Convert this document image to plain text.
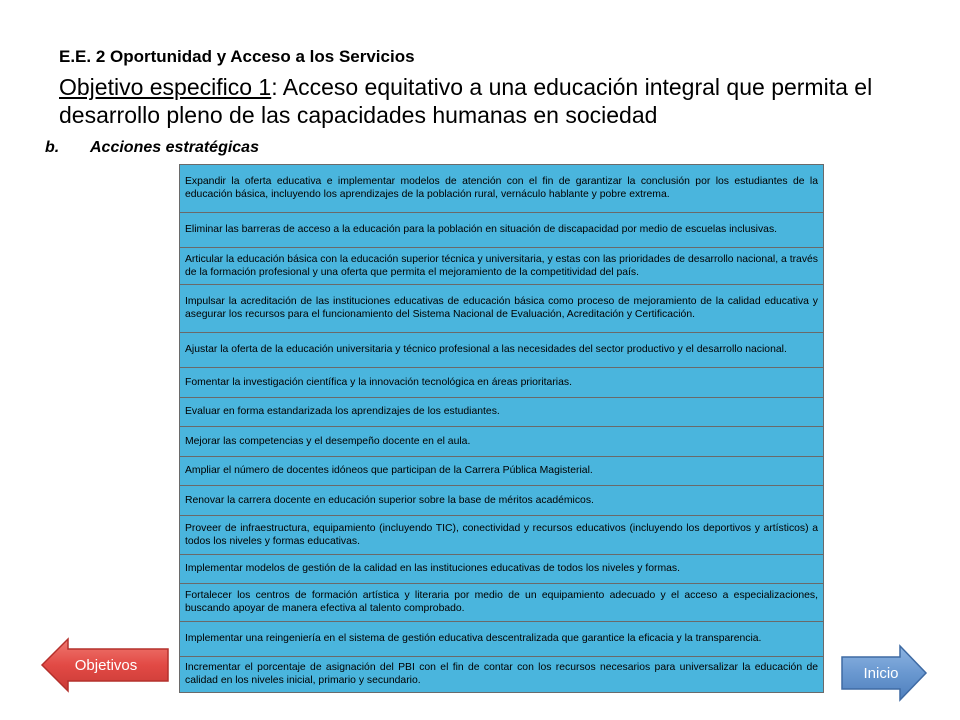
E.E. 2 Oportunidad y Acceso a los Servicios
Objetivo especifico 1: Acceso equitativo a una educación integral que permita el desarrollo pleno de las capacidades humanas en sociedad
b. Acciones estratégicas
Expandir la oferta educativa e implementar modelos de atención con el fin de garantizar la conclusión por los estudiantes de la educación básica, incluyendo los aprendizajes de la población rural, vernáculo hablante y pobre extrema.
Eliminar las barreras de acceso a la educación para la población en situación de discapacidad por medio de escuelas inclusivas.
Articular la educación básica con la educación superior técnica y universitaria, y estas con las prioridades de desarrollo nacional, a través de la formación profesional y una oferta que permita el mejoramiento de la competitividad del país.
Impulsar la acreditación de las instituciones educativas de educación básica como proceso de mejoramiento de la calidad educativa y asegurar los recursos para el funcionamiento del Sistema Nacional de Evaluación, Acreditación y Certificación.
Ajustar la oferta de la educación universitaria y técnico profesional a las necesidades del sector productivo y el desarrollo nacional.
Fomentar la investigación científica y la innovación tecnológica en áreas prioritarias.
Evaluar en forma estandarizada los aprendizajes de los estudiantes.
Mejorar las competencias y el desempeño docente en el aula.
Ampliar el número de docentes idóneos que participan de la Carrera Pública Magisterial.
Renovar la carrera docente en educación superior sobre la base de méritos académicos.
Proveer de infraestructura, equipamiento (incluyendo TIC), conectividad y recursos educativos (incluyendo los deportivos y artísticos) a todos los niveles y formas educativas.
Implementar modelos de gestión de la calidad en las instituciones educativas de todos los niveles y formas.
Fortalecer los centros de formación artística y literaria por medio de un equipamiento adecuado y el acceso a especializaciones, buscando apoyar de manera efectiva al talento comprobado.
Implementar una reingeniería en el sistema de gestión educativa descentralizada que garantice la eficacia y la transparencia.
Incrementar el porcentaje de asignación del PBI con el fin de contar con los recursos necesarios para universalizar la educación de calidad en los niveles inicial, primario y secundario.
Objetivos	Inicio
